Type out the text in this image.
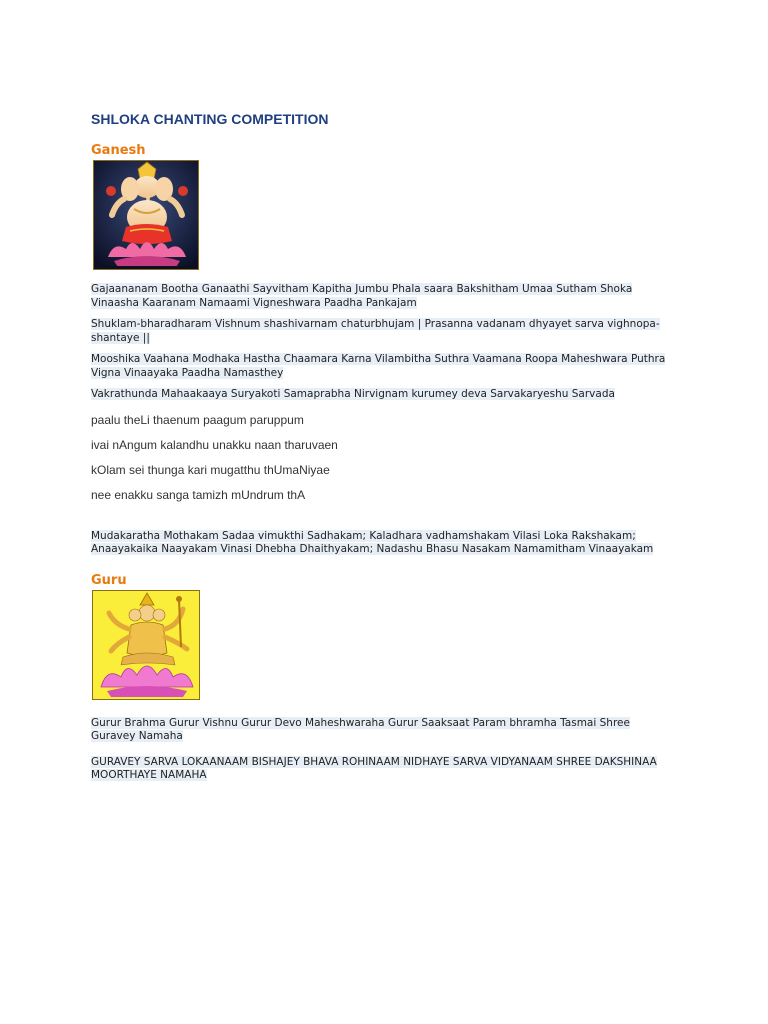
SHLOKA CHANTING COMPETITION
Ganesh

Gajaananam Bootha Ganaathi Sayvitham Kapitha Jumbu Phala saara Bakshitham Umaa Sutham Shoka Vinaasha Kaaranam Namaami Vigneshwara Paadha Pankajam

Shuklam-bharadharam Vishnum shashivarnam chaturbhujam | Prasanna vadanam dhyayet sarva vighnopa-shantaye ||

Mooshika Vaahana Modhaka Hastha Chaamara Karna Vilambitha Suthra Vaamana Roopa Maheshwara Puthra Vigna Vinaayaka Paadha Namasthey

Vakrathunda Mahaakaaya Suryakoti Samaprabha Nirvignam kurumey deva Sarvakaryeshu Sarvada

paalu theLi thaenum paagum paruppum

ivai nAngum kalandhu unakku naan tharuvaen

kOlam sei thunga kari mugatthu thUmaNiyae

nee enakku sanga tamizh mUndrum thA

Mudakaratha Mothakam Sadaa vimukthi Sadhakam; Kaladhara vadhamshakam Vilasi Loka Rakshakam; Anaayakaika Naayakam Vinasi Dhebha Dhaithyakam; Nadashu Bhasu Nasakam Namamitham Vinaayakam

Guru

Gurur Brahma Gurur Vishnu Gurur Devo Maheshwaraha Gurur Saaksaat Param bhramha Tasmai Shree Guravey Namaha

GURAVEY SARVA LOKAANAAM BISHAJEY BHAVA ROHINAAM NIDHAYE SARVA VIDYANAAM SHREE DAKSHINAA MOORTHAYE NAMAHA
